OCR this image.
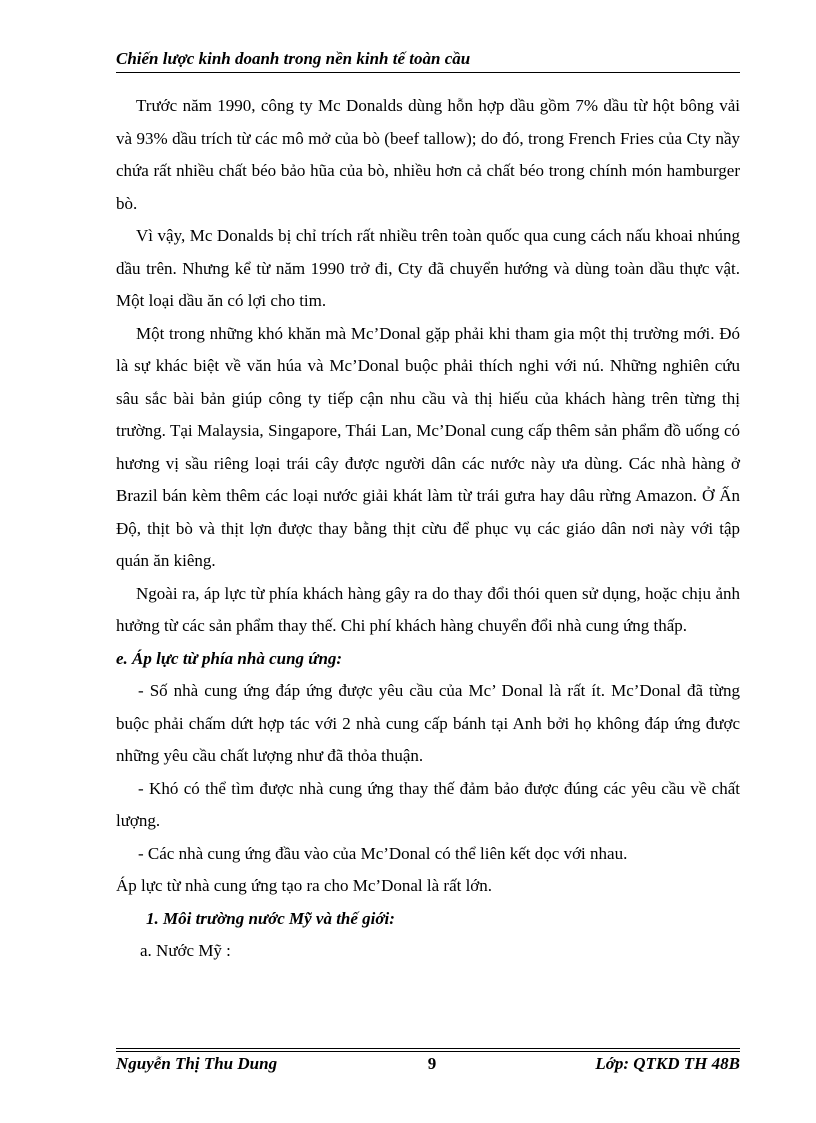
Chiến lược kinh doanh trong nền kinh tế toàn cầu

Trước năm 1990, công ty Mc Donalds dùng hỗn hợp dầu gồm 7% dầu từ hột bông vải và 93% dầu trích từ các mô mở của bò (beef tallow); do đó, trong French Fries của Cty nầy chứa rất nhiều chất béo bảo hũa của bò, nhiều hơn cả chất béo trong chính món hamburger bò.

Vì vậy, Mc Donalds bị chỉ trích rất nhiều trên toàn quốc qua cung cách nấu khoai nhúng dầu trên. Nhưng kể từ năm 1990 trở đi, Cty đã chuyển hướng và dùng toàn dầu thực vật. Một loại dầu ăn có lợi cho tim.

Một trong những khó khăn mà Mc’Donal gặp phải khi tham gia một thị trường mới. Đó là sự khác biệt về văn húa và Mc’Donal buộc phải thích nghi với nú. Những nghiên cứu sâu sắc bài bản giúp công ty tiếp cận nhu cầu và thị hiếu của khách hàng trên từng thị trường. Tại Malaysia, Singapore, Thái Lan, Mc’Donal cung cấp thêm sản phẩm đồ uống có hương vị sầu riêng loại trái cây được người dân các nước này ưa dùng. Các nhà hàng ở Brazil bán kèm thêm các loại nước giải khát làm từ trái gưra hay dâu rừng Amazon. Ở Ấn Độ, thịt bò và thịt lợn được thay bằng thịt cừu để phục vụ các giáo dân nơi này với tập quán ăn kiêng.

Ngoài ra, áp lực từ phía khách hàng gây ra do thay đổi thói quen sử dụng, hoặc chịu ảnh hưởng từ các sản phẩm thay thế. Chi phí khách hàng chuyển đổi nhà cung ứng thấp.

e. Áp lực từ phía nhà cung ứng:

- Số nhà cung ứng đáp ứng được yêu cầu của Mc’ Donal là rất ít. Mc’Donal đã từng buộc phải chấm dứt hợp tác với 2 nhà cung cấp bánh tại Anh bởi họ không đáp ứng được những yêu cầu chất lượng như đã thỏa thuận.

- Khó có thể tìm được nhà cung ứng thay thế đảm bảo được đúng các yêu cầu về chất lượng.

- Các nhà cung ứng đầu vào của Mc’Donal có thể liên kết dọc với nhau.

Áp lực từ nhà cung ứng tạo ra cho Mc’Donal là rất lớn.

1. Môi trường nước Mỹ và thế giới:

a. Nước Mỹ :

Nguyễn Thị Thu Dung	9	Lớp: QTKD TH 48B
